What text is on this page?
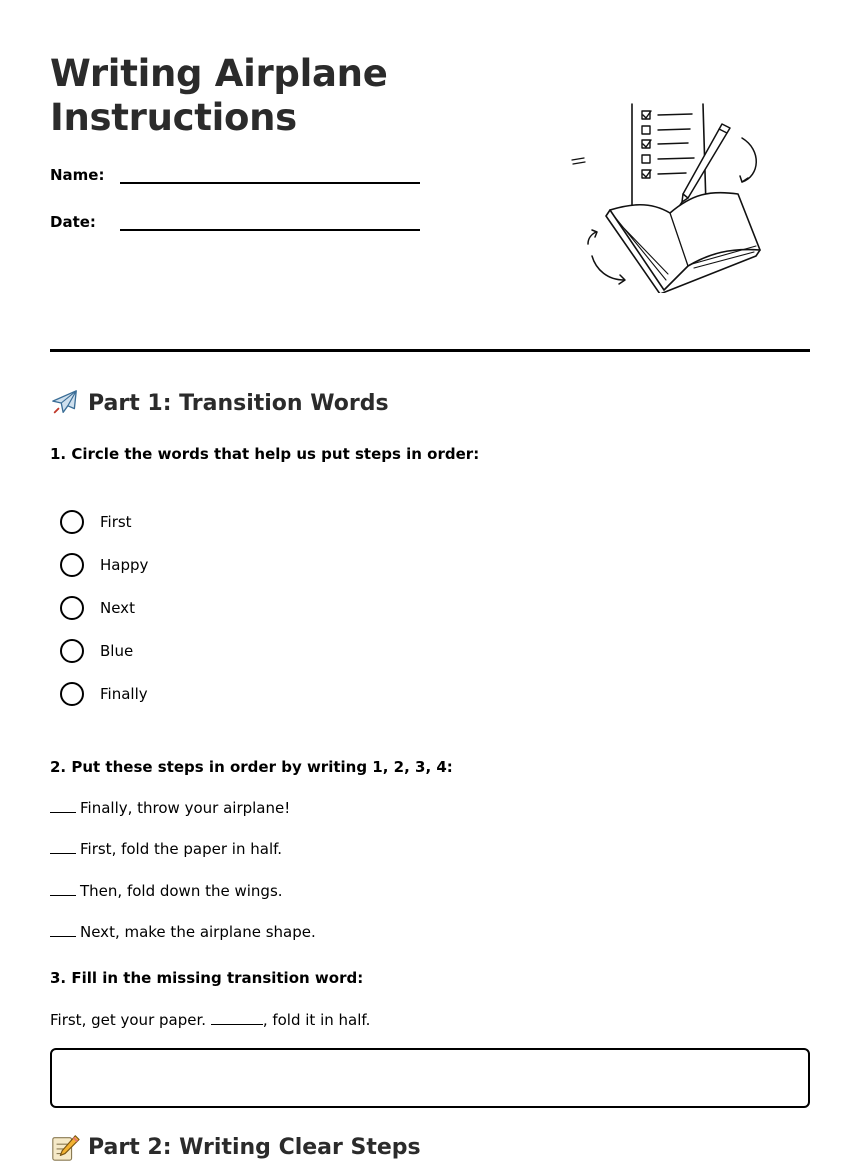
Writing Airplane
Instructions
Name:
Date:
Part 1: Transition Words
1. Circle the words that help us put steps in order:
First
Happy
Next
Blue
Finally
2. Put these steps in order by writing 1, 2, 3, 4:
Finally, throw your airplane!
First, fold the paper in half.
Then, fold down the wings.
Next, make the airplane shape.
3. Fill in the missing transition word:
First, get your paper.	, fold it in half.
Part 2: Writing Clear Steps
